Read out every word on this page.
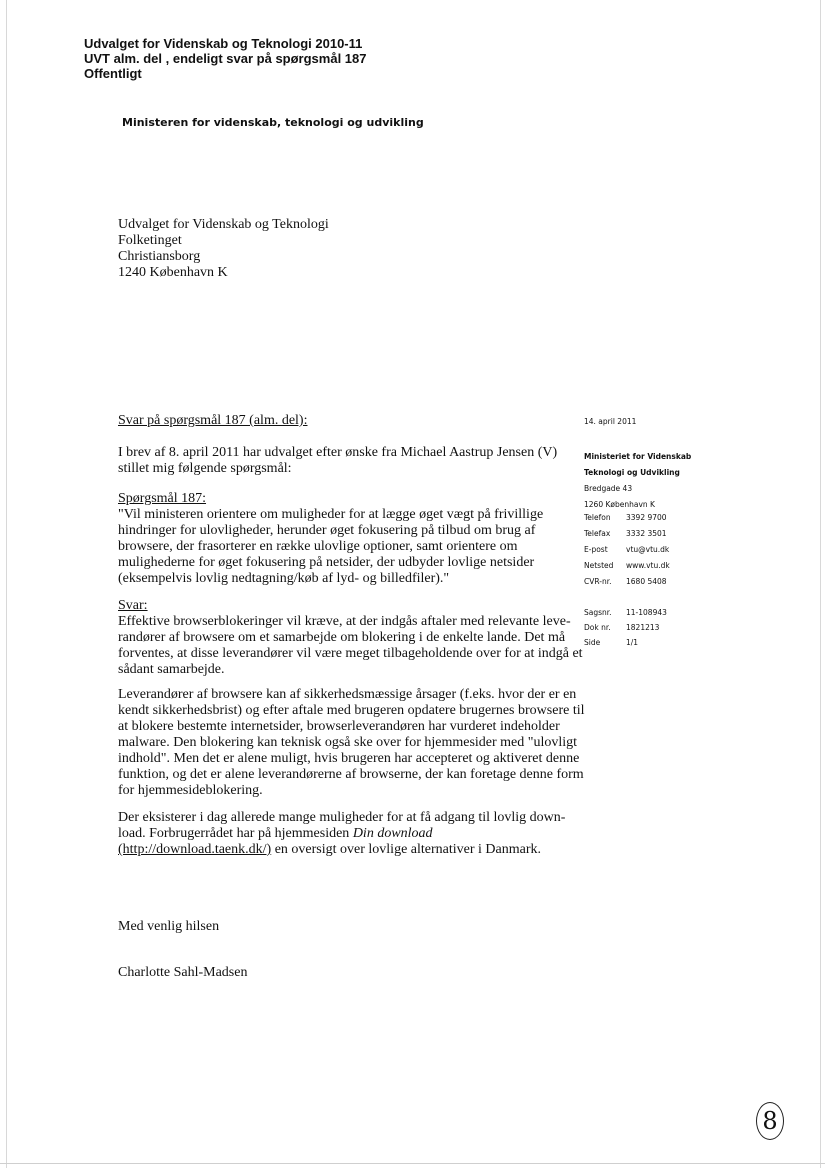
Udvalget for Videnskab og Teknologi 2010-11
UVT alm. del , endeligt svar på spørgsmål 187
Offentligt
Ministeren for videnskab, teknologi og udvikling
Udvalget for Videnskab og Teknologi
Folketinget
Christiansborg
1240 København K
Svar på spørgsmål 187 (alm. del):
I brev af 8. april 2011 har udvalget efter ønske fra Michael Aastrup Jensen (V)
stillet mig følgende spørgsmål:
Spørgsmål 187:
"Vil ministeren orientere om muligheder for at lægge øget vægt på frivillige
hindringer for ulovligheder, herunder øget fokusering på tilbud om brug af
browsere, der frasorterer en række ulovlige optioner, samt orientere om
mulighederne for øget fokusering på netsider, der udbyder lovlige netsider
(eksempelvis lovlig nedtagning/køb af lyd- og billedfiler)."
Svar:
Effektive browserblokeringer vil kræve, at der indgås aftaler med relevante leve-
randører af browsere om et samarbejde om blokering i de enkelte lande. Det må
forventes, at disse leverandører vil være meget tilbageholdende over for at indgå et
sådant samarbejde.
Leverandører af browsere kan af sikkerhedsmæssige årsager (f.eks. hvor der er en
kendt sikkerhedsbrist) og efter aftale med brugeren opdatere brugernes browsere til
at blokere bestemte internetsider, browserleverandøren har vurderet indeholder
malware. Den blokering kan teknisk også ske over for hjemmesider med "ulovligt
indhold". Men det er alene muligt, hvis brugeren har accepteret og aktiveret denne
funktion, og det er alene leverandørerne af browserne, der kan foretage denne form
for hjemmesideblokering.
Der eksisterer i dag allerede mange muligheder for at få adgang til lovlig down-
load. Forbrugerrådet har på hjemmesiden Din download
(http://download.taenk.dk/) en oversigt over lovlige alternativer i Danmark.
Med venlig hilsen
Charlotte Sahl-Madsen
14. april 2011
Ministeriet for Videnskab
Teknologi og Udvikling
Bredgade 43
1260 København K
Telefon 3392 9700
Telefax 3332 3501
E-post vtu@vtu.dk
Netsted www.vtu.dk
CVR-nr. 1680 5408
Sagsnr. 11-108943
Dok nr. 1821213
Side	1/1
8
